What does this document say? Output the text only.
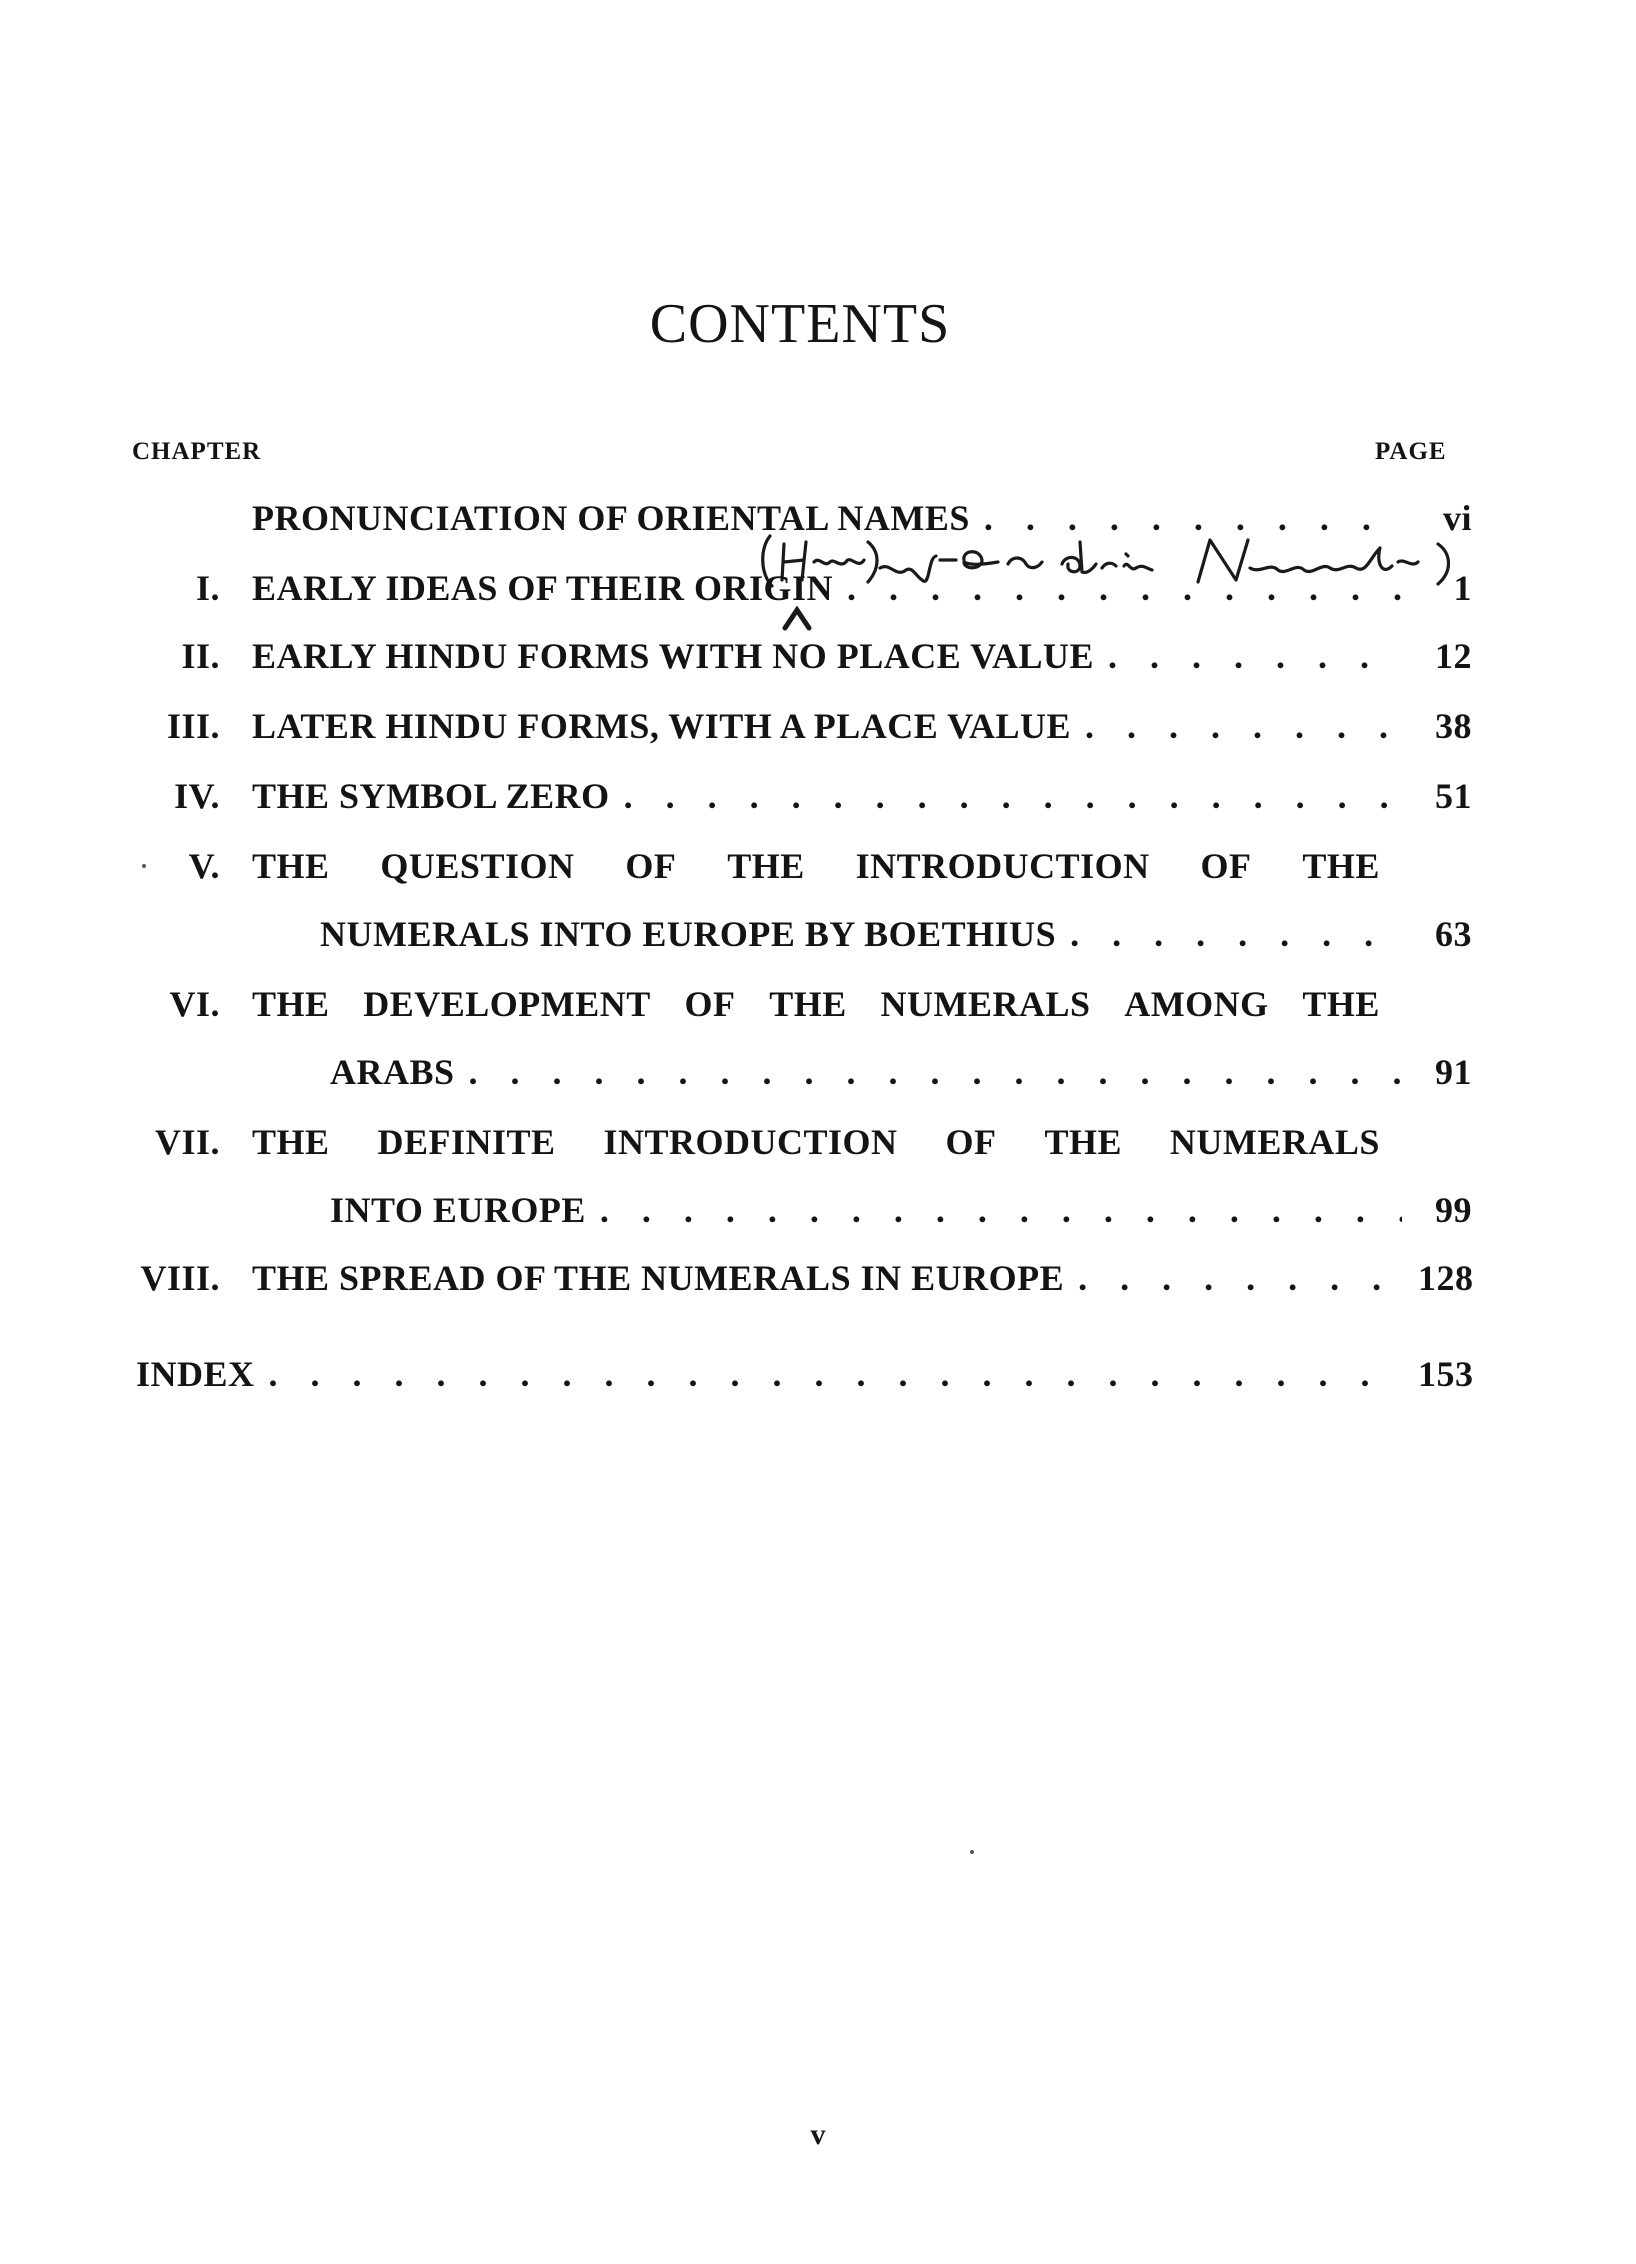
CONTENTS
CHAPTER	PAGE
PRONUNCIATION OF ORIENTAL NAMES . . .	vi
I. EARLY IDEAS OF THEIR ORIGIN . . .	1
II. EARLY HINDU FORMS WITH NO PLACE VALUE . . .	12
III. LATER HINDU FORMS, WITH A PLACE VALUE . . .	38
IV. THE SYMBOL ZERO . . .	51
V. THE QUESTION OF THE INTRODUCTION OF THE
NUMERALS INTO EUROPE BY BOETHIUS . . .	63
VI. THE DEVELOPMENT OF THE NUMERALS AMONG THE
ARABS . . .	91
VII. THE DEFINITE INTRODUCTION OF THE NUMERALS
INTO EUROPE . . .	99
VIII. THE SPREAD OF THE NUMERALS IN EUROPE . . .	128
INDEX . . .	153
v
